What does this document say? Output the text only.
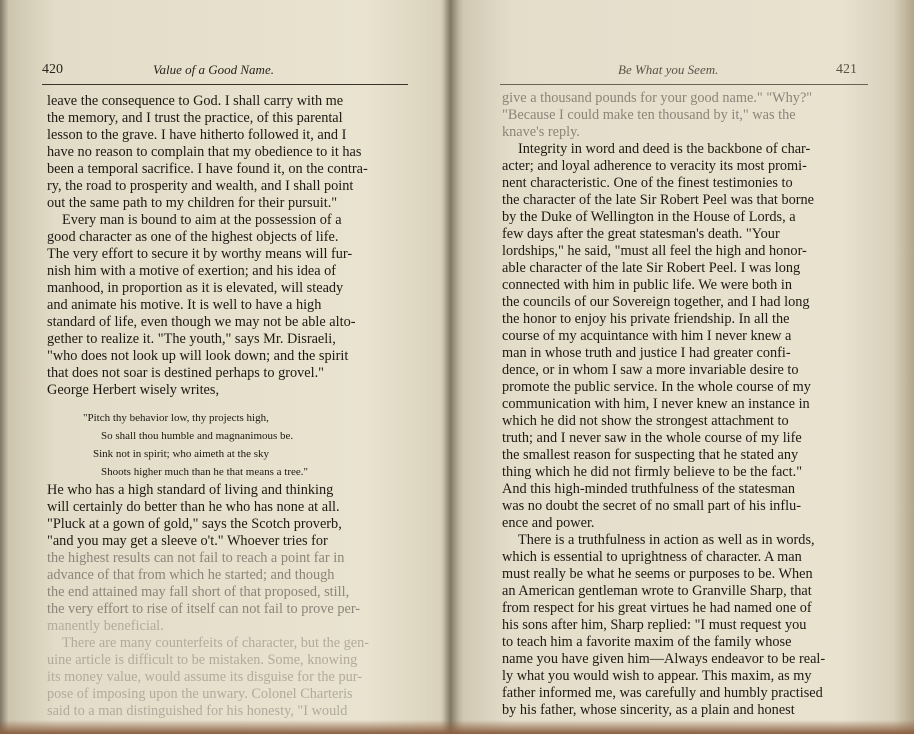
420	Value of a Good Name.
leave the consequence to God. I shall carry with me
the memory, and I trust the practice, of this parental
lesson to the grave. I have hitherto followed it, and I
have no reason to complain that my obedience to it has
been a temporal sacrifice. I have found it, on the contra-
ry, the road to prosperity and wealth, and I shall point
out the same path to my children for their pursuit."
Every man is bound to aim at the possession of a
good character as one of the highest objects of life.
The very effort to secure it by worthy means will fur-
nish him with a motive of exertion; and his idea of
manhood, in proportion as it is elevated, will steady
and animate his motive. It is well to have a high
standard of life, even though we may not be able alto-
gether to realize it. "The youth," says Mr. Disraeli,
"who does not look up will look down; and the spirit
that does not soar is destined perhaps to grovel."
George Herbert wisely writes,
"Pitch thy behavior low, thy projects high,
So shall thou humble and magnanimous be.
Sink not in spirit; who aimeth at the sky
Shoots higher much than he that means a tree."
He who has a high standard of living and thinking
will certainly do better than he who has none at all.
"Pluck at a gown of gold," says the Scotch proverb,
"and you may get a sleeve o't." Whoever tries for
the highest results can not fail to reach a point far in
advance of that from which he started; and though
the end attained may fall short of that proposed, still,
the very effort to rise of itself can not fail to prove per-
manently beneficial.
There are many counterfeits of character, but the gen-
uine article is difficult to be mistaken. Some, knowing
its money value, would assume its disguise for the pur-
pose of imposing upon the unwary. Colonel Charteris
said to a man distinguished for his honesty, "I would
Be What you Seem.	421
give a thousand pounds for your good name." "Why?"
"Because I could make ten thousand by it," was the
knave's reply.
Integrity in word and deed is the backbone of char-
acter; and loyal adherence to veracity its most promi-
nent characteristic. One of the finest testimonies to
the character of the late Sir Robert Peel was that borne
by the Duke of Wellington in the House of Lords, a
few days after the great statesman's death. "Your
lordships," he said, "must all feel the high and honor-
able character of the late Sir Robert Peel. I was long
connected with him in public life. We were both in
the councils of our Sovereign together, and I had long
the honor to enjoy his private friendship. In all the
course of my acquintance with him I never knew a
man in whose truth and justice I had greater confi-
dence, or in whom I saw a more invariable desire to
promote the public service. In the whole course of my
communication with him, I never knew an instance in
which he did not show the strongest attachment to
truth; and I never saw in the whole course of my life
the smallest reason for suspecting that he stated any
thing which he did not firmly believe to be the fact."
And this high-minded truthfulness of the statesman
was no doubt the secret of no small part of his influ-
ence and power.
There is a truthfulness in action as well as in words,
which is essential to uprightness of character. A man
must really be what he seems or purposes to be. When
an American gentleman wrote to Granville Sharp, that
from respect for his great virtues he had named one of
his sons after him, Sharp replied: "I must request you
to teach him a favorite maxim of the family whose
name you have given him—Always endeavor to be real-
ly what you would wish to appear. This maxim, as my
father informed me, was carefully and humbly practised
by his father, whose sincerity, as a plain and honest
